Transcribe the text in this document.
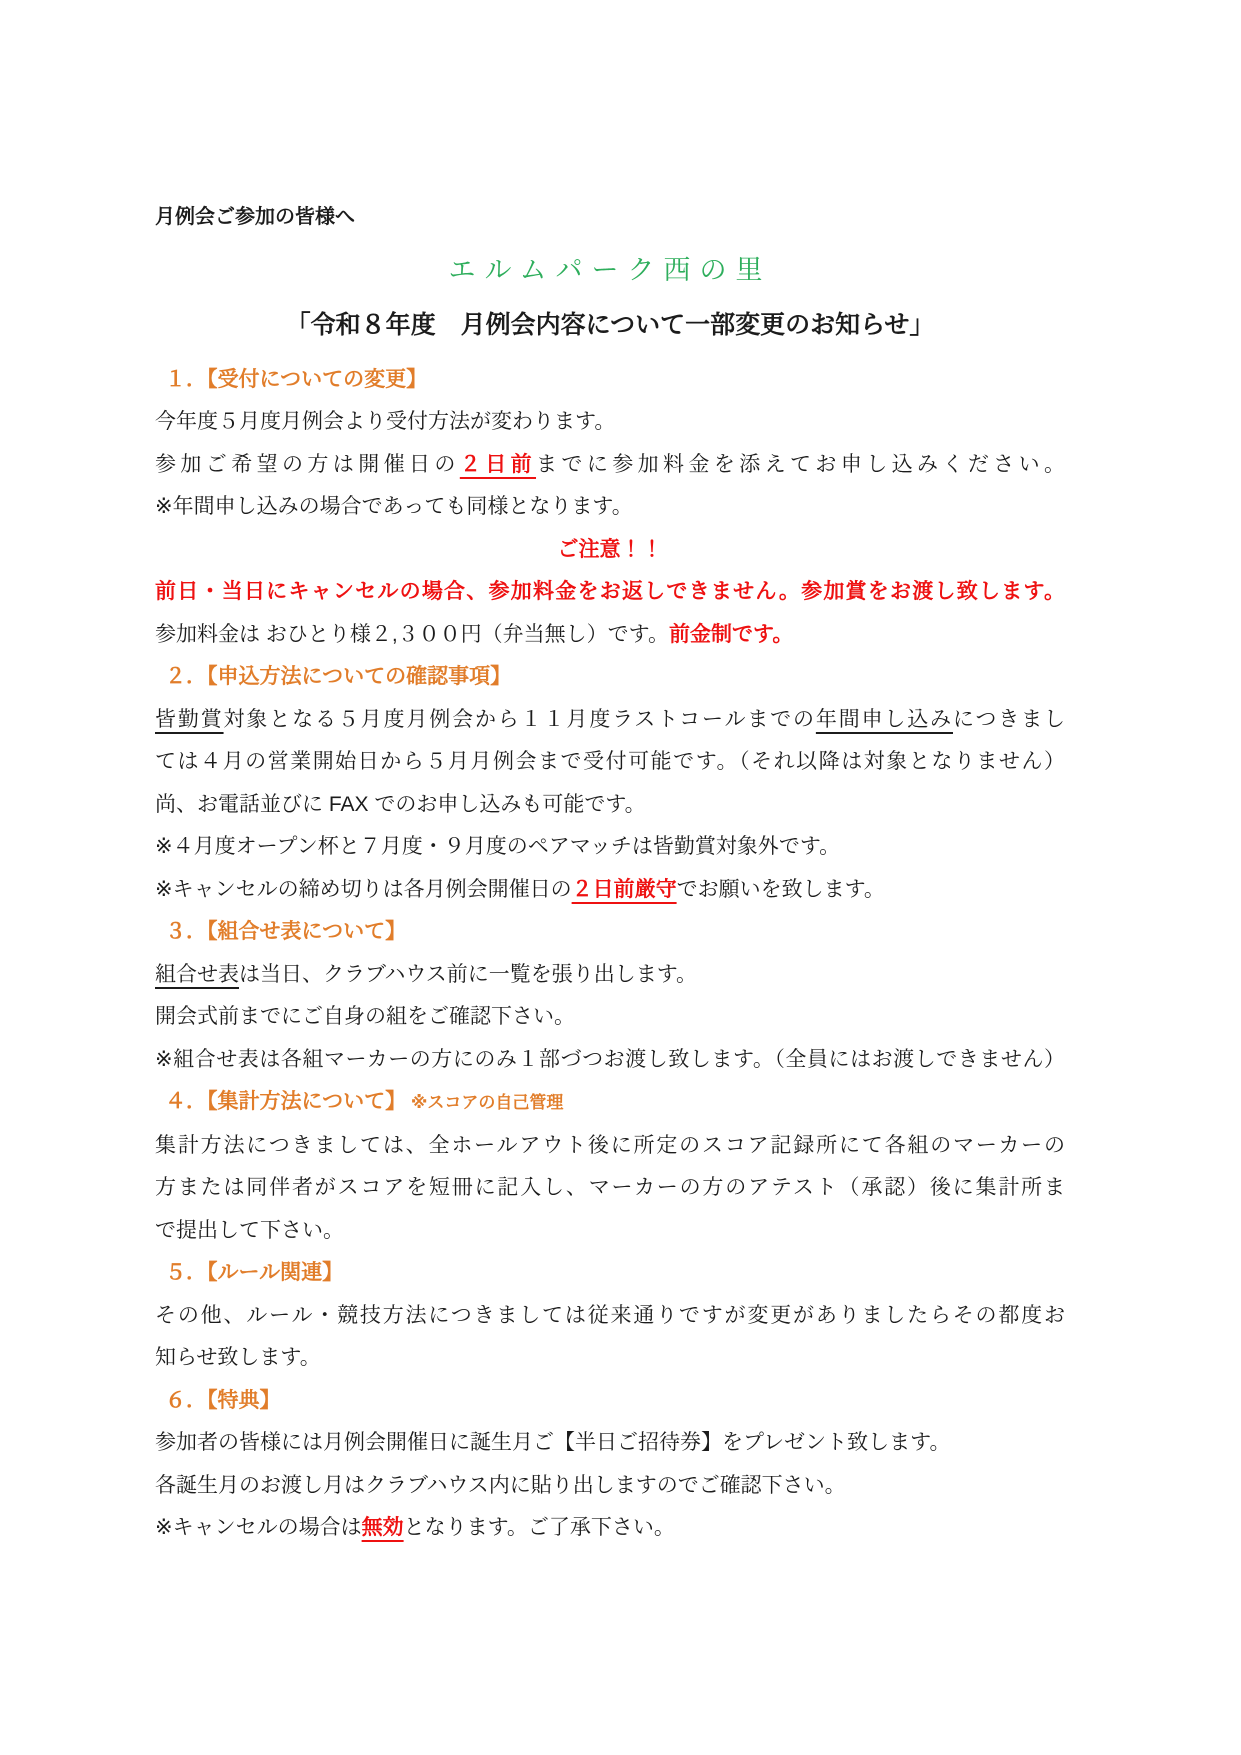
月例会ご参加の皆様へ
エルムパーク西の里
「令和８年度　月例会内容について一部変更のお知らせ」
１．【受付についての変更】
今年度５月度月例会より受付方法が変わります。
参加ご希望の方は開催日の２日前までに参加料金を添えてお申し込みください。
※年間申し込みの場合であっても同様となります。
ご注意！！
前日・当日にキャンセルの場合、参加料金をお返しできません。参加賞をお渡し致します。
参加料金は おひとり様２,３００円（弁当無し）です。前金制です。
２．【申込方法についての確認事項】
皆勤賞対象となる５月度月例会から１１月度ラストコールまでの年間申し込みにつきまし
ては４月の営業開始日から５月月例会まで受付可能です。（それ以降は対象となりません）
尚、お電話並びに FAX でのお申し込みも可能です。
※４月度オープン杯と７月度・９月度のペアマッチは皆勤賞対象外です。
※キャンセルの締め切りは各月例会開催日の２日前厳守でお願いを致します。
３．【組合せ表について】
組合せ表は当日、クラブハウス前に一覧を張り出します。
開会式前までにご自身の組をご確認下さい。
※組合せ表は各組マーカーの方にのみ１部づつお渡し致します。（全員にはお渡しできません）
４．【集計方法について】 ※スコアの自己管理
集計方法につきましては、全ホールアウト後に所定のスコア記録所にて各組のマーカーの
方または同伴者がスコアを短冊に記入し、マーカーの方のアテスト（承認）後に集計所ま
で提出して下さい。
５．【ルール関連】
その他、ルール・競技方法につきましては従来通りですが変更がありましたらその都度お
知らせ致します。
６．【特典】
参加者の皆様には月例会開催日に誕生月ご【半日ご招待券】をプレゼント致します。
各誕生月のお渡し月はクラブハウス内に貼り出しますのでご確認下さい。
※キャンセルの場合は無効となります。ご了承下さい。
